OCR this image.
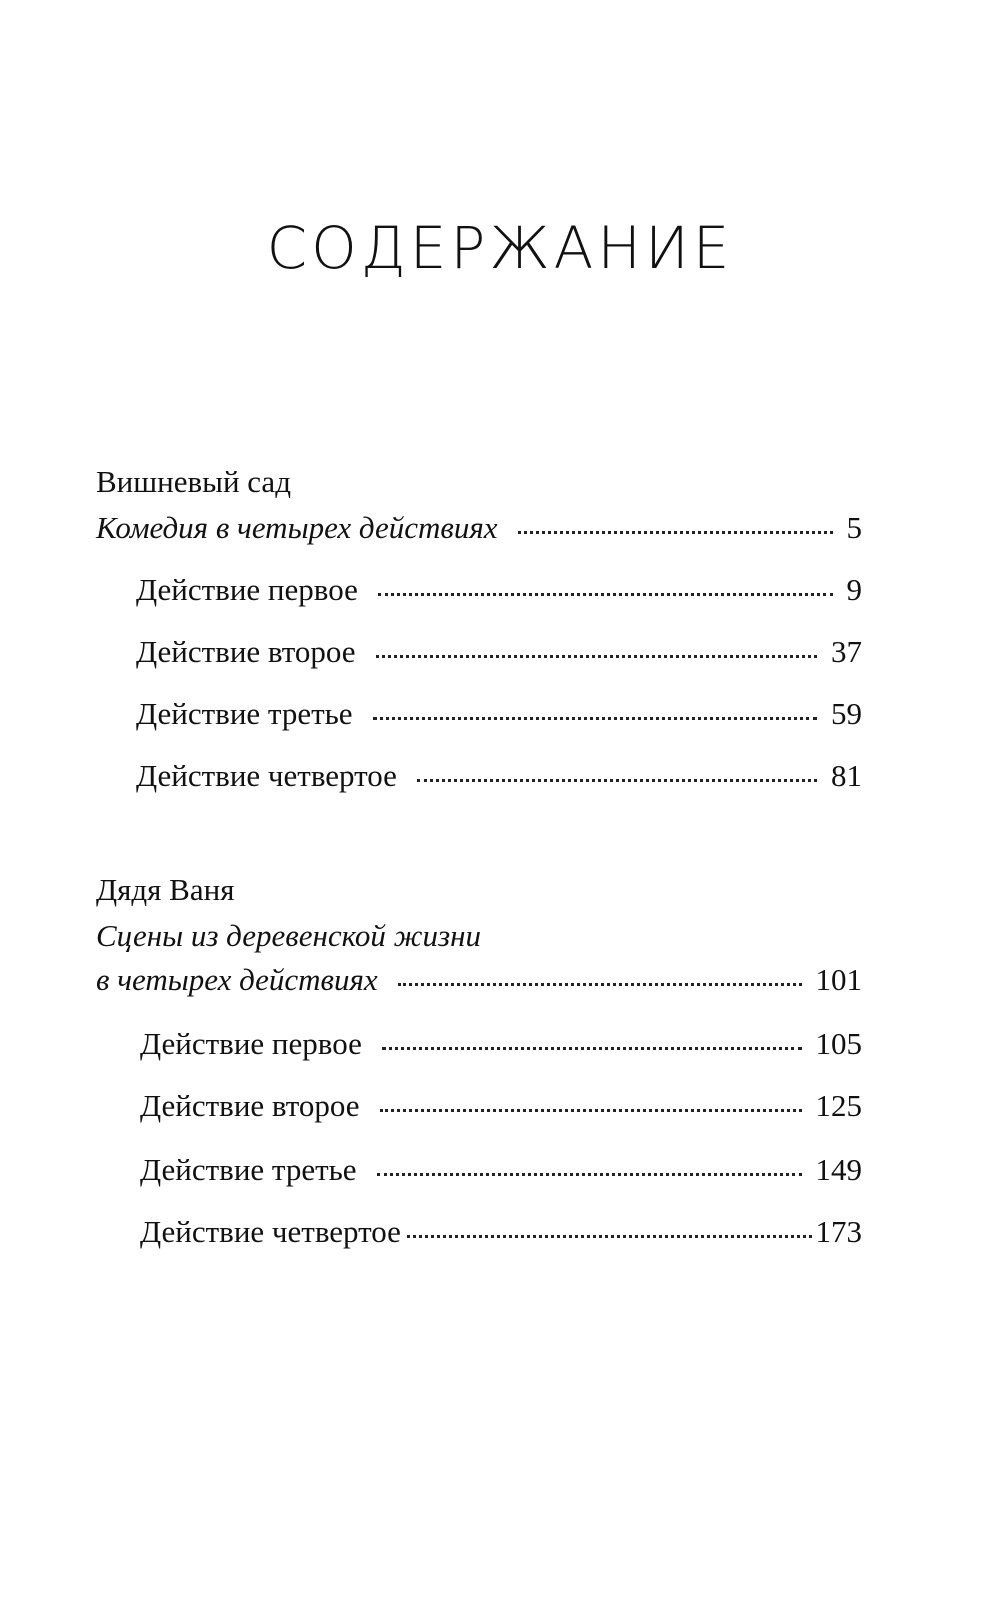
СОДЕРЖАНИЕ
Вишневый сад
Комедия в четырех действиях	5
Действие первое	9
Действие второе	37
Действие третье	59
Действие четвертое	81
Дядя Ваня
Сцены из деревенской жизни
в четырех действиях	101
Действие первое	105
Действие второе	125
Действие третье	149
Действие четвертое	173
